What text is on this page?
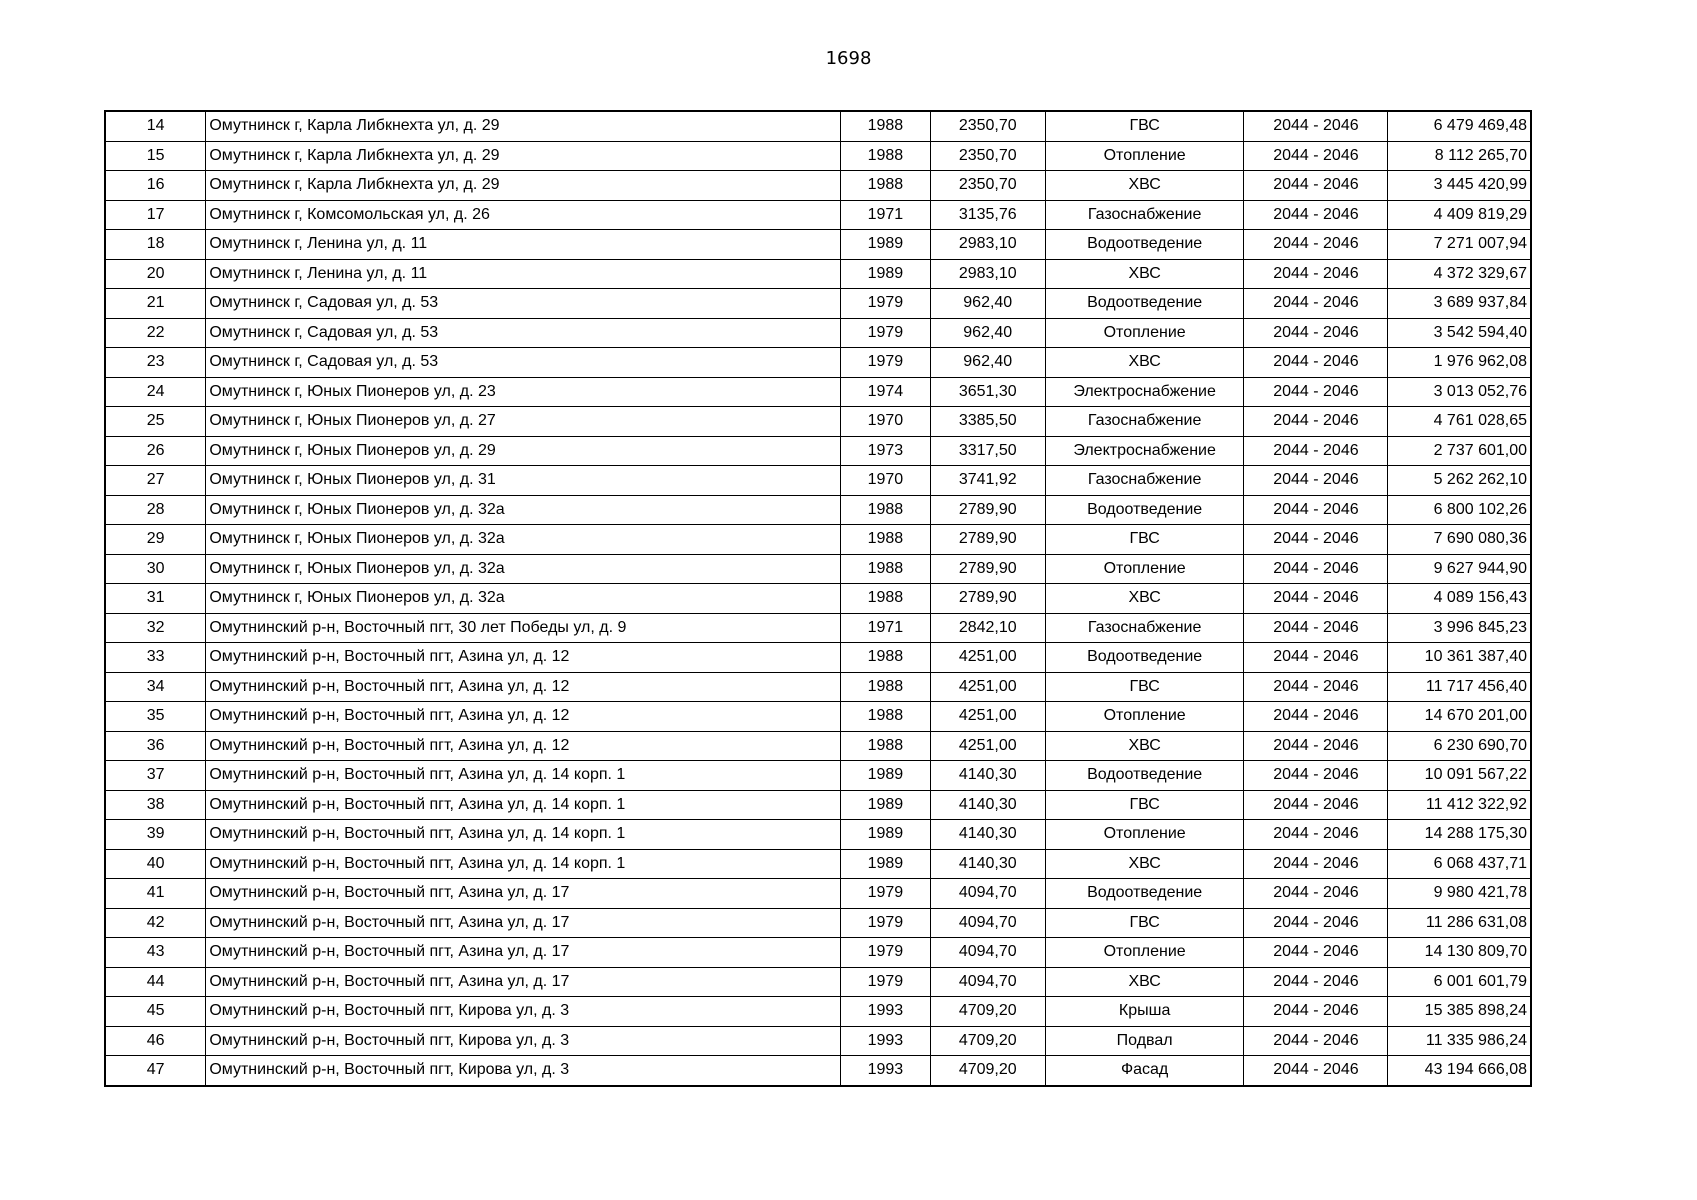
1698
14	Омутнинск г, Карла Либкнехта ул, д. 29	1988	2350,70	ГВС	2044 - 2046	6 479 469,48
15	Омутнинск г, Карла Либкнехта ул, д. 29	1988	2350,70	Отопление	2044 - 2046	8 112 265,70
16	Омутнинск г, Карла Либкнехта ул, д. 29	1988	2350,70	ХВС	2044 - 2046	3 445 420,99
17	Омутнинск г, Комсомольская ул, д. 26	1971	3135,76	Газоснабжение	2044 - 2046	4 409 819,29
18	Омутнинск г, Ленина ул, д. 11	1989	2983,10	Водоотведение	2044 - 2046	7 271 007,94
20	Омутнинск г, Ленина ул, д. 11	1989	2983,10	ХВС	2044 - 2046	4 372 329,67
21	Омутнинск г, Садовая ул, д. 53	1979	962,40	Водоотведение	2044 - 2046	3 689 937,84
22	Омутнинск г, Садовая ул, д. 53	1979	962,40	Отопление	2044 - 2046	3 542 594,40
23	Омутнинск г, Садовая ул, д. 53	1979	962,40	ХВС	2044 - 2046	1 976 962,08
24	Омутнинск г, Юных Пионеров ул, д. 23	1974	3651,30	Электроснабжение	2044 - 2046	3 013 052,76
25	Омутнинск г, Юных Пионеров ул, д. 27	1970	3385,50	Газоснабжение	2044 - 2046	4 761 028,65
26	Омутнинск г, Юных Пионеров ул, д. 29	1973	3317,50	Электроснабжение	2044 - 2046	2 737 601,00
27	Омутнинск г, Юных Пионеров ул, д. 31	1970	3741,92	Газоснабжение	2044 - 2046	5 262 262,10
28	Омутнинск г, Юных Пионеров ул, д. 32а	1988	2789,90	Водоотведение	2044 - 2046	6 800 102,26
29	Омутнинск г, Юных Пионеров ул, д. 32а	1988	2789,90	ГВС	2044 - 2046	7 690 080,36
30	Омутнинск г, Юных Пионеров ул, д. 32а	1988	2789,90	Отопление	2044 - 2046	9 627 944,90
31	Омутнинск г, Юных Пионеров ул, д. 32а	1988	2789,90	ХВС	2044 - 2046	4 089 156,43
32	Омутнинский р-н, Восточный пгт, 30 лет Победы ул, д. 9	1971	2842,10	Газоснабжение	2044 - 2046	3 996 845,23
33	Омутнинский р-н, Восточный пгт, Азина ул, д. 12	1988	4251,00	Водоотведение	2044 - 2046	10 361 387,40
34	Омутнинский р-н, Восточный пгт, Азина ул, д. 12	1988	4251,00	ГВС	2044 - 2046	11 717 456,40
35	Омутнинский р-н, Восточный пгт, Азина ул, д. 12	1988	4251,00	Отопление	2044 - 2046	14 670 201,00
36	Омутнинский р-н, Восточный пгт, Азина ул, д. 12	1988	4251,00	ХВС	2044 - 2046	6 230 690,70
37	Омутнинский р-н, Восточный пгт, Азина ул, д. 14 корп. 1	1989	4140,30	Водоотведение	2044 - 2046	10 091 567,22
38	Омутнинский р-н, Восточный пгт, Азина ул, д. 14 корп. 1	1989	4140,30	ГВС	2044 - 2046	11 412 322,92
39	Омутнинский р-н, Восточный пгт, Азина ул, д. 14 корп. 1	1989	4140,30	Отопление	2044 - 2046	14 288 175,30
40	Омутнинский р-н, Восточный пгт, Азина ул, д. 14 корп. 1	1989	4140,30	ХВС	2044 - 2046	6 068 437,71
41	Омутнинский р-н, Восточный пгт, Азина ул, д. 17	1979	4094,70	Водоотведение	2044 - 2046	9 980 421,78
42	Омутнинский р-н, Восточный пгт, Азина ул, д. 17	1979	4094,70	ГВС	2044 - 2046	11 286 631,08
43	Омутнинский р-н, Восточный пгт, Азина ул, д. 17	1979	4094,70	Отопление	2044 - 2046	14 130 809,70
44	Омутнинский р-н, Восточный пгт, Азина ул, д. 17	1979	4094,70	ХВС	2044 - 2046	6 001 601,79
45	Омутнинский р-н, Восточный пгт, Кирова ул, д. 3	1993	4709,20	Крыша	2044 - 2046	15 385 898,24
46	Омутнинский р-н, Восточный пгт, Кирова ул, д. 3	1993	4709,20	Подвал	2044 - 2046	11 335 986,24
47	Омутнинский р-н, Восточный пгт, Кирова ул, д. 3	1993	4709,20	Фасад	2044 - 2046	43 194 666,08
